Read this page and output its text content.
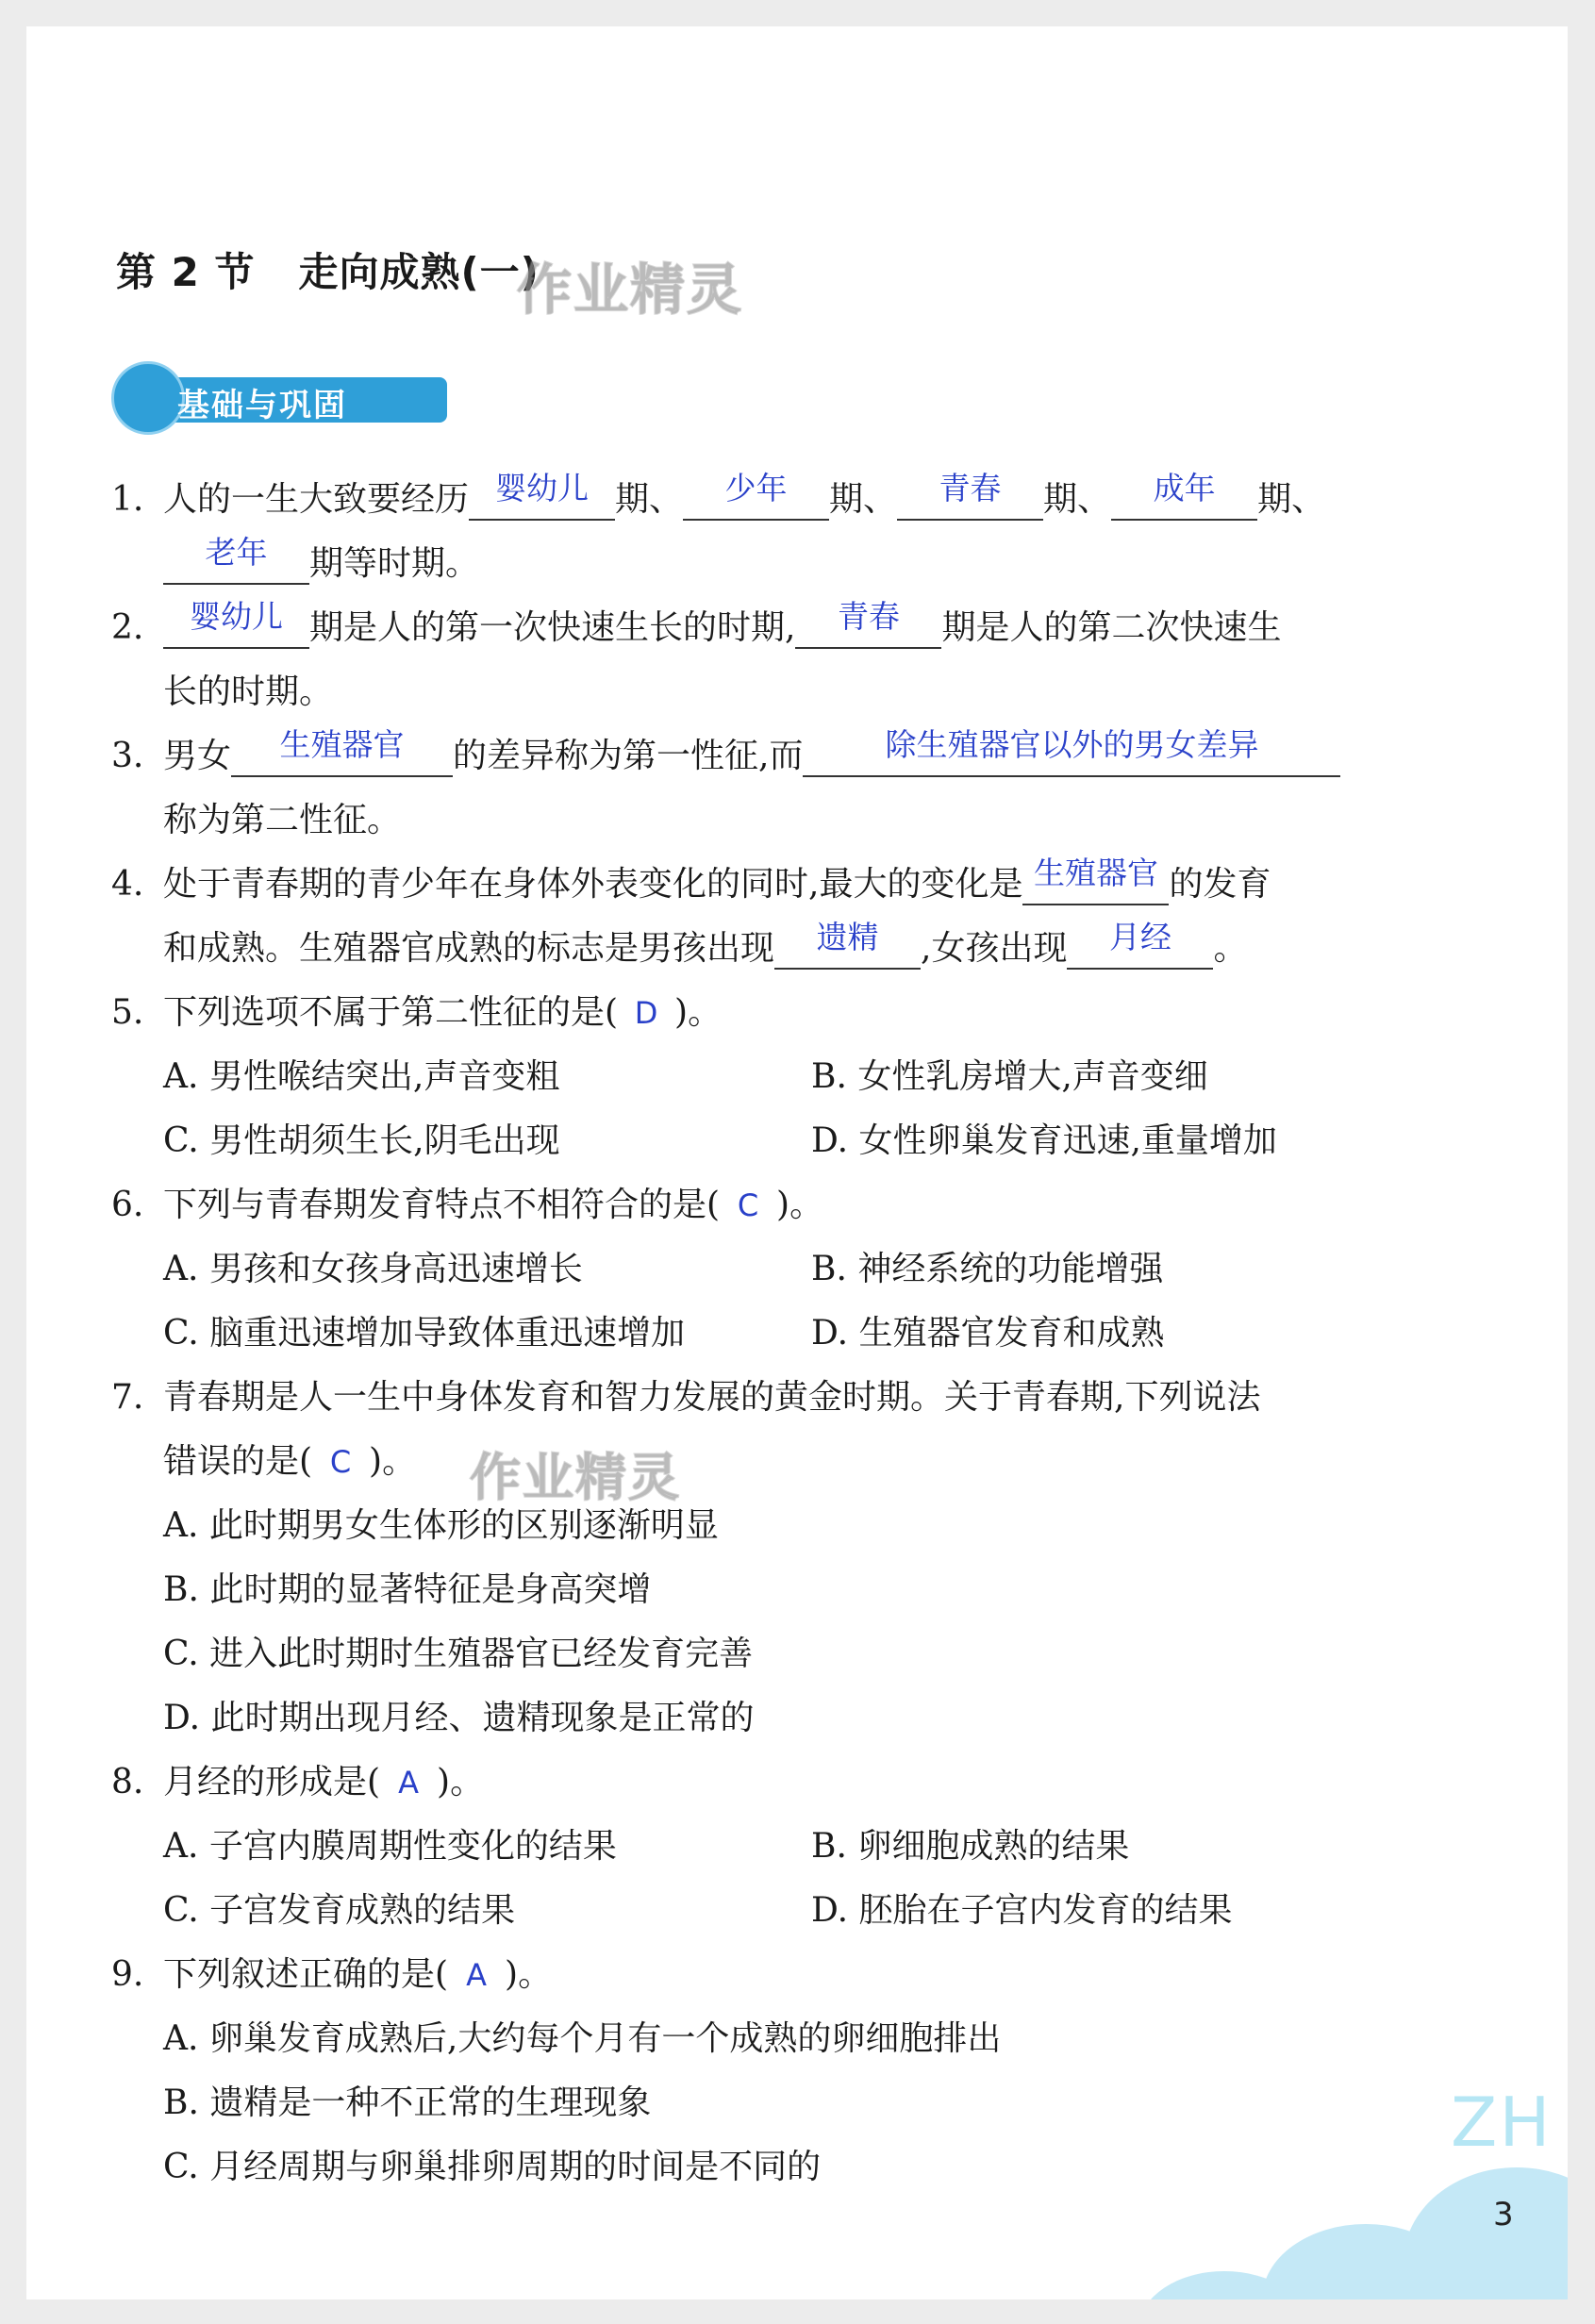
第 2 节 走向成熟(一)
作业精灵
基础与巩固
1. 人的一生大致要经历 婴幼儿 期、	少年	期、	青春	期、	成年	期、
老年	期等时期。
2.	婴幼儿 期是人的第一次快速生长的时期,	青春	期是人的第二次快速生
长的时期。
3. 男女	生殖器官	的差异称为第一性征,而	除生殖器官以外的男女差异
称为第二性征。
4. 处于青春期的青少年在身体外表变化的同时,最大的变化是 生殖器官 的发育
和成熟。生殖器官成熟的标志是男孩出现	遗精	,女孩出现	月经	。
5. 下列选项不属于第二性征的是( D )。
A. 男性喉结突出,声音变粗	B. 女性乳房增大,声音变细
C. 男性胡须生长,阴毛出现	D. 女性卵巢发育迅速,重量增加
6. 下列与青春期发育特点不相符合的是( C )。
A. 男孩和女孩身高迅速增长	B. 神经系统的功能增强
C. 脑重迅速增加导致体重迅速增加	D. 生殖器官发育和成熟
7. 青春期是人一生中身体发育和智力发展的黄金时期。关于青春期,下列说法
错误的是( C )。 作业精灵
A. 此时期男女生体形的区别逐渐明显
B. 此时期的显著特征是身高突增
C. 进入此时期时生殖器官已经发育完善
D. 此时期出现月经、遗精现象是正常的
8. 月经的形成是( A )。
A. 子宫内膜周期性变化的结果	B. 卵细胞成熟的结果
C. 子宫发育成熟的结果	D. 胚胎在子宫内发育的结果
9. 下列叙述正确的是( A )。
A. 卵巢发育成熟后,大约每个月有一个成熟的卵细胞排出
B. 遗精是一种不正常的生理现象
C. 月经周期与卵巢排卵周期的时间是不同的
ZH
3
